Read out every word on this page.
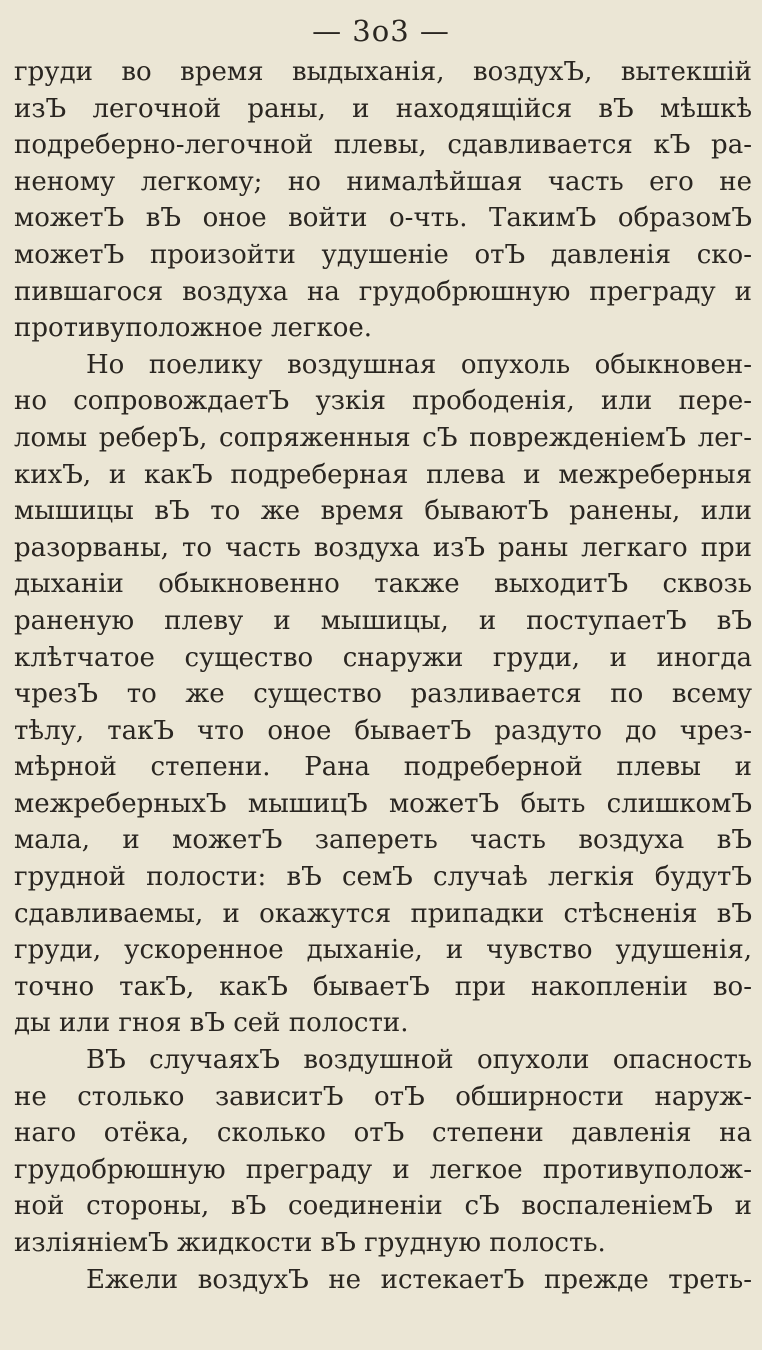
— 3о3 —
груди во время выдыханія, воздухЪ, вытекшій
изЪ легочной раны, и находящійся вЪ мѣшкѣ
подреберно-легочной плевы, сдавливается кЪ ра-
неному легкому; но нималѣйшая часть его не
можетЪ вЪ оное войти о-чть. ТакимЪ образомЪ
можетЪ произойти удушеніе отЪ давленія ско-
пившагося воздуха на грудобрюшную преграду и
противуположное легкое.
Но поелику воздушная опухоль обыкновен-
но сопровождаетЪ узкія прободенія, или пере-
ломы реберЪ, сопряженныя сЪ поврежденіемЪ лег-
кихЪ, и какЪ подреберная плева и межреберныя
мышицы вЪ то же время бываютЪ ранены, или
разорваны, то часть воздуха изЪ раны легкаго при
дыханіи обыкновенно также выходитЪ сквозь
раненую плеву и мышицы, и поступаетЪ вЪ
клѣтчатое существо снаружи груди, и иногда
чрезЪ то же существо разливается по всему
тѣлу, такЪ что оное бываетЪ раздуто до чрез-
мѣрной степени. Рана подреберной плевы и
межреберныхЪ мышицЪ можетЪ быть слишкомЪ
мала, и можетЪ запереть часть воздуха вЪ
грудной полости: вЪ семЪ случаѣ легкія будутЪ
сдавливаемы, и окажутся припадки стѣсненія вЪ
груди, ускоренное дыханіе, и чувство удушенія,
точно такЪ, какЪ бываетЪ при накопленіи во-
ды или гноя вЪ сей полости.
ВЪ случаяхЪ воздушной опухоли опасность
не столько зависитЪ отЪ обширности наруж-
наго отёка, сколько отЪ степени давленія на
грудобрюшную преграду и легкое противуполож-
ной стороны, вЪ соединеніи сЪ воспаленіемЪ и
изліяніемЪ жидкости вЪ грудную полость.
Ежели воздухЪ не истекаетЪ прежде треть-
